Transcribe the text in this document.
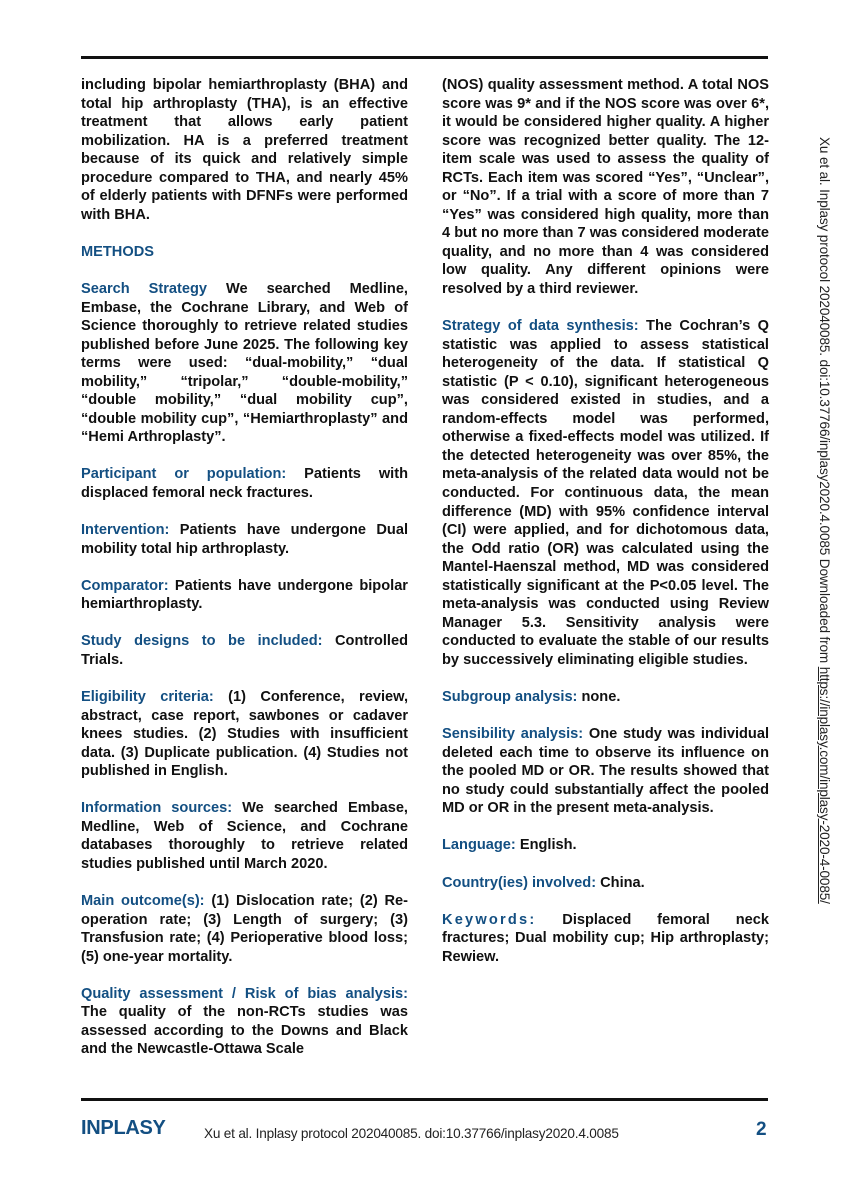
including bipolar hemiarthroplasty (BHA) and total hip arthroplasty (THA), is an effective treatment that allows early patient mobilization. HA is a preferred treatment because of its quick and relatively simple procedure compared to THA, and nearly 45% of elderly patients with DFNFs were performed with BHA.

METHODS

Search Strategy We searched Medline, Embase, the Cochrane Library, and Web of Science thoroughly to retrieve related studies published before June 2025. The following key terms were used: “dual-mobility,” “dual mobility,” “tripolar,” “double-mobility,” “double mobility,” “dual mobility cup”, “double mobility cup”, “Hemiarthroplasty” and “Hemi Arthroplasty”.

Participant or population: Patients with displaced femoral neck fractures.

Intervention: Patients have undergone Dual mobility total hip arthroplasty.

Comparator: Patients have undergone bipolar hemiarthroplasty.

Study designs to be included: Controlled Trials.

Eligibility criteria: (1) Conference, review, abstract, case report, sawbones or cadaver knees studies. (2) Studies with insufficient data. (3) Duplicate publication. (4) Studies not published in English.

Information sources: We searched Embase, Medline, Web of Science, and Cochrane databases thoroughly to retrieve related studies published until March 2020.

Main outcome(s): (1) Dislocation rate; (2) Re-operation rate; (3) Length of surgery; (3) Transfusion rate; (4) Perioperative blood loss; (5) one-year mortality.

Quality assessment / Risk of bias analysis: The quality of the non-RCTs studies was assessed according to the Downs and Black and the Newcastle-Ottawa Scale

(NOS) quality assessment method. A total NOS score was 9* and if the NOS score was over 6*, it would be considered higher quality. A higher score was recognized better quality. The 12-item scale was used to assess the quality of RCTs. Each item was scored “Yes”, “Unclear”, or “No”. If a trial with a score of more than 7 “Yes” was considered high quality, more than 4 but no more than 7 was considered moderate quality, and no more than 4 was considered low quality. Any different opinions were resolved by a third reviewer.

Strategy of data synthesis: The Cochran’s Q statistic was applied to assess statistical heterogeneity of the data. If statistical Q statistic (P < 0.10), significant heterogeneous was considered existed in studies, and a random-effects model was performed, otherwise a fixed-effects model was utilized. If the detected heterogeneity was over 85%, the meta-analysis of the related data would not be conducted. For continuous data, the mean difference (MD) with 95% confidence interval (CI) were applied, and for dichotomous data, the Odd ratio (OR) was calculated using the Mantel-Haenszal method, MD was considered statistically significant at the P<0.05 level. The meta-analysis was conducted using Review Manager 5.3. Sensitivity analysis were conducted to evaluate the stable of our results by successively eliminating eligible studies.

Subgroup analysis: none.

Sensibility analysis: One study was individual deleted each time to observe its influence on the pooled MD or OR. The results showed that no study could substantially affect the pooled MD or OR in the present meta-analysis.

Language: English.

Country(ies) involved: China.

Keywords: Displaced femoral neck fractures; Dual mobility cup; Hip arthroplasty; Rewiew.

Xu et al. Inplasy protocol 202040085. doi:10.37766/inplasy2020.4.0085 Downloaded from https://inplasy.com/inplasy-2020-4-0085/
INPLASY	Xu et al. Inplasy protocol 202040085. doi:10.37766/inplasy2020.4.0085	2
